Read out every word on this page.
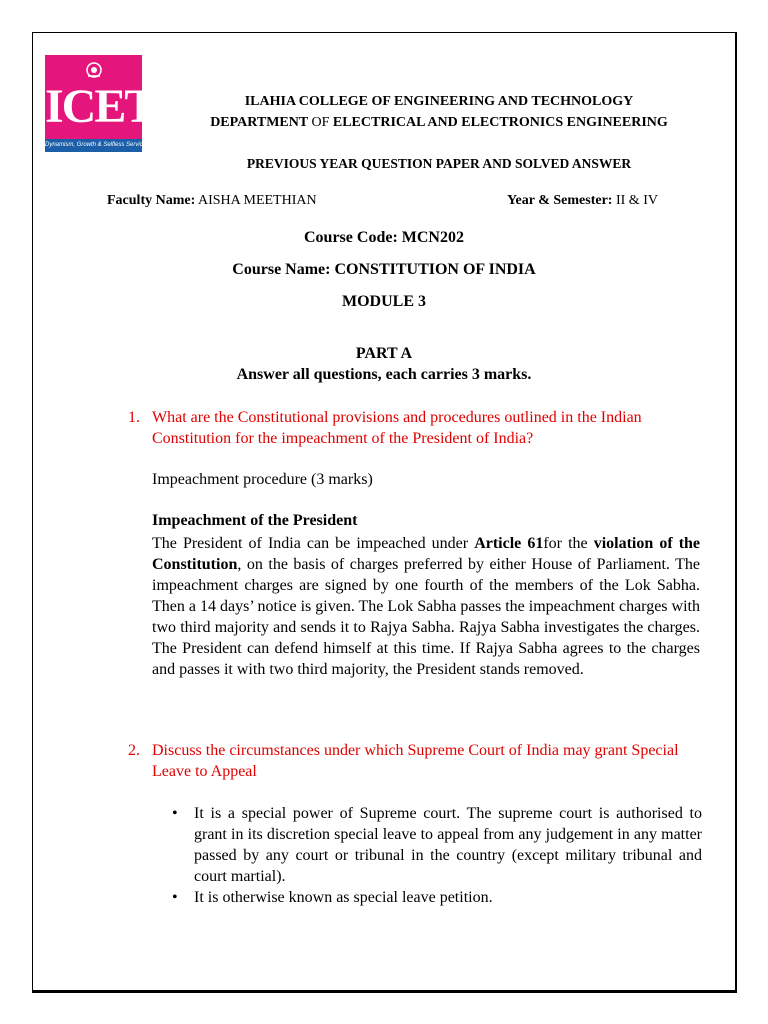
ICET
Dynamism, Growth & Selfless Service
ILAHIA COLLEGE OF ENGINEERING AND TECHNOLOGY
DEPARTMENT OF ELECTRICAL AND ELECTRONICS ENGINEERING
PREVIOUS YEAR QUESTION PAPER AND SOLVED ANSWER
Faculty Name: AISHA MEETHIAN	Year & Semester: II & IV
Course Code: MCN202
Course Name: CONSTITUTION OF INDIA
MODULE 3
PART A
Answer all questions, each carries 3 marks.
1. What are the Constitutional provisions and procedures outlined in the Indian Constitution for the impeachment of the President of India?
Impeachment procedure (3 marks)
Impeachment of the President
The President of India can be impeached under Article 61for the violation of the Constitution, on the basis of charges preferred by either House of Parliament. The impeachment charges are signed by one fourth of the members of the Lok Sabha. Then a 14 days’ notice is given. The Lok Sabha passes the impeachment charges with two third majority and sends it to Rajya Sabha. Rajya Sabha investigates the charges. The President can defend himself at this time. If Rajya Sabha agrees to the charges and passes it with two third majority, the President stands removed.
2. Discuss the circumstances under which Supreme Court of India may grant Special Leave to Appeal
• It is a special power of Supreme court. The supreme court is authorised to grant in its discretion special leave to appeal from any judgement in any matter passed by any court or tribunal in the country (except military tribunal and court martial).
• It is otherwise known as special leave petition.
